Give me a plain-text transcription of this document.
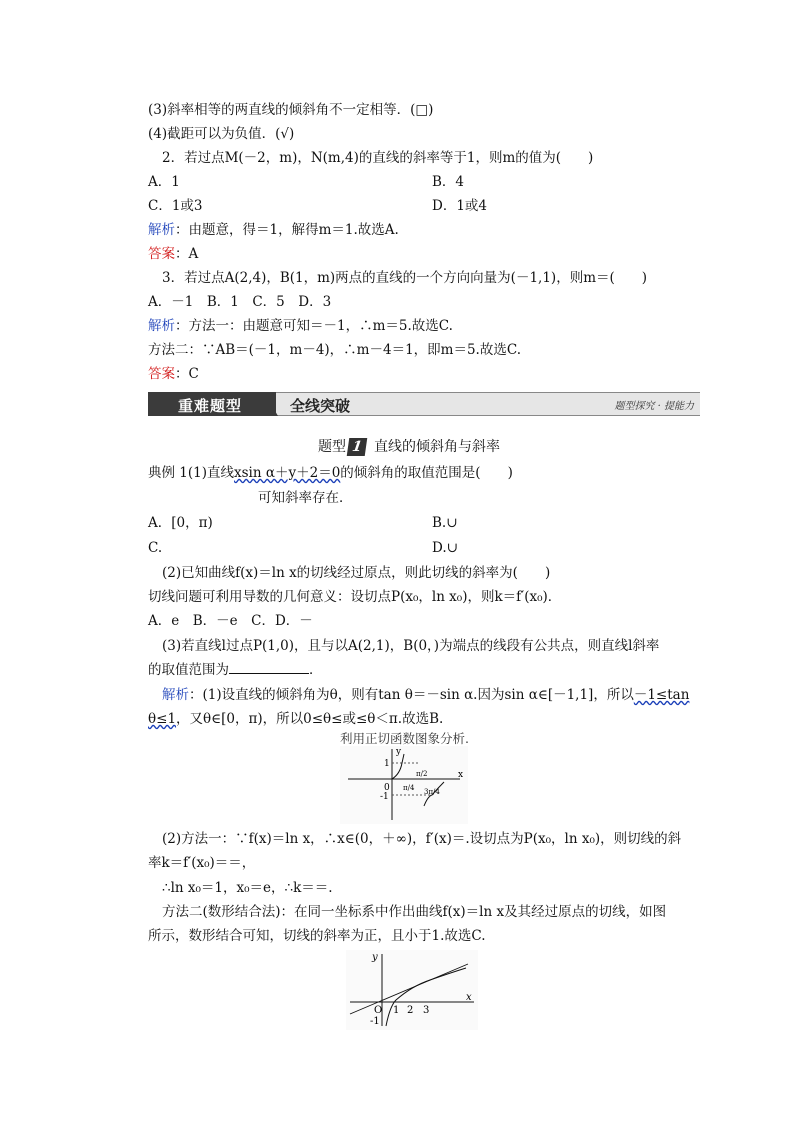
(3)斜率相等的两直线的倾斜角不一定相等．(□)
(4)截距可以为负值．(√)
2．若过点M(－2，m)，N(m,4)的直线的斜率等于1，则m的值为(　　)
A．1	B．4
C．1或3	D．1或4
解析：由题意，得＝1，解得m＝1.故选A.
答案：A
3．若过点A(2,4)，B(1，m)两点的直线的一个方向向量为(－1,1)，则m＝(　　)
A．－1　B．1　C．5　D．3
解析：方法一：由题意可知＝－1，∴m＝5.故选C.
方法二：∵AB＝(－1，m－4)，∴m－4＝1，即m＝5.故选C.
答案：C
重难题型	全线突破	题型探究 · 提能力
题型 1 直线的倾斜角与斜率
典例 1(1)直线xsin α＋y＋2＝0的倾斜角的取值范围是(　　)
可知斜率存在．
A．[0，π)	B.∪
C.	D.∪
(2)已知曲线f(x)＝ln x的切线经过原点，则此切线的斜率为(　　)
切线问题可利用导数的几何意义：设切点P(x₀，ln x₀)，则k＝f′(x₀)．
A．e　B．－e　C．D．－
(3)若直线l过点P(1,0)，且与以A(2,1)，B(0，)为端点的线段有公共点，则直线l斜率
的取值范围为	．
解析：(1)设直线的倾斜角为θ，则有tan θ＝－sin α.因为sin α∈[－1,1]，所以－1≤tan
θ≤1，又θ∈[0，π)，所以0≤θ≤或≤θ＜π.故选B.
利用正切函数图象分析.
y
x
1
0
-1
π/4
π/2
3π/4
(2)方法一：∵f(x)＝ln x，∴x∈(0，＋∞)，f′(x)＝.设切点为P(x₀，ln x₀)，则切线的斜
率k＝f′(x₀)＝＝，
∴ln x₀＝1，x₀＝e，∴k＝＝.
方法二(数形结合法)：在同一坐标系中作出曲线f(x)＝ln x及其经过原点的切线，如图
所示，数形结合可知，切线的斜率为正，且小于1.故选C.
y
x
O 1 2 3
-1
